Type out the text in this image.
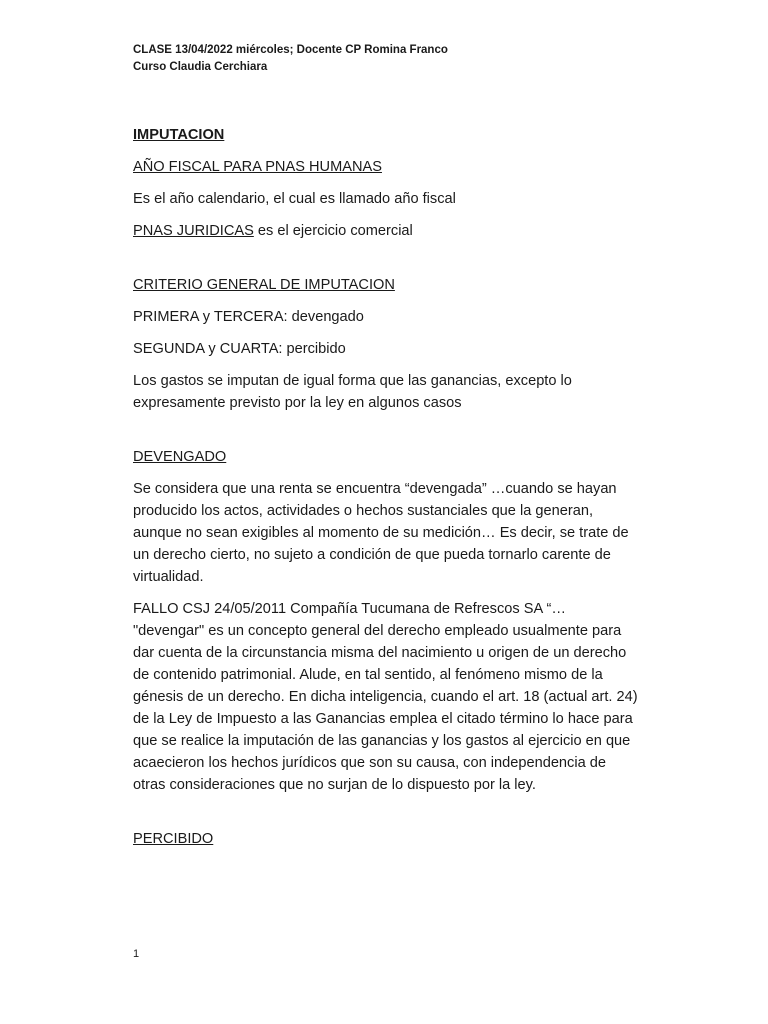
CLASE 13/04/2022 miércoles; Docente CP Romina Franco
Curso Claudia Cerchiara

IMPUTACION

AÑO FISCAL PARA PNAS HUMANAS

Es el año calendario, el cual es llamado año fiscal

PNAS JURIDICAS es el ejercicio comercial

CRITERIO GENERAL DE IMPUTACION

PRIMERA y TERCERA: devengado

SEGUNDA y CUARTA: percibido

Los gastos se imputan de igual forma que las ganancias, excepto lo expresamente previsto por la ley en algunos casos

DEVENGADO

Se considera que una renta se encuentra “devengada” …cuando se hayan producido los actos, actividades o hechos sustanciales que la generan, aunque no sean exigibles al momento de su medición… Es decir, se trate de un derecho cierto, no sujeto a condición de que pueda tornarlo carente de virtualidad.

FALLO CSJ 24/05/2011 Compañía Tucumana de Refrescos SA “… "devengar" es un concepto general del derecho empleado usualmente para dar cuenta de la circunstancia misma del nacimiento u origen de un derecho de contenido patrimonial. Alude, en tal sentido, al fenómeno mismo de la génesis de un derecho. En dicha inteligencia, cuando el art. 18 (actual art. 24) de la Ley de Impuesto a las Ganancias emplea el citado término lo hace para que se realice la imputación de las ganancias y los gastos al ejercicio en que acaecieron los hechos jurídicos que son su causa, con independencia de otras consideraciones que no surjan de lo dispuesto por la ley.

PERCIBIDO

1
